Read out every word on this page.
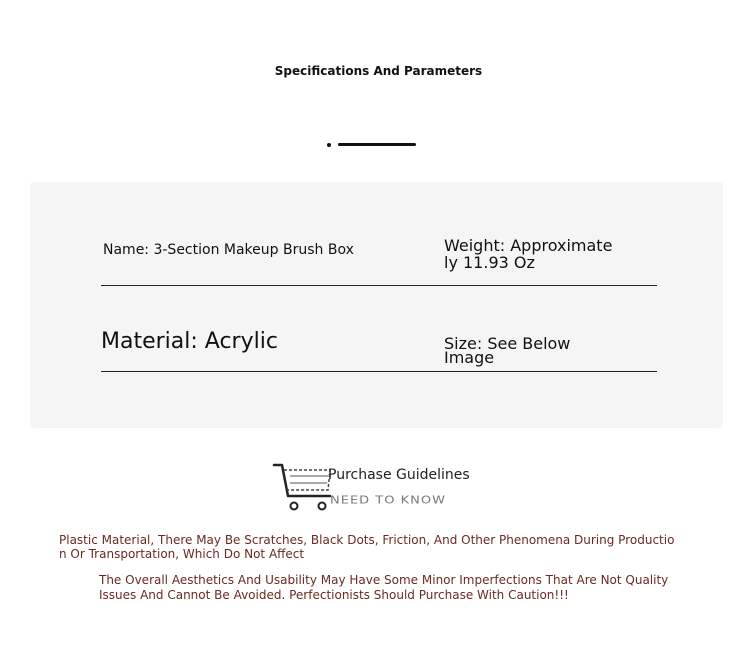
Specifications And Parameters
Name: 3-Section Makeup Brush Box	Weight: Approximately 11.93 Oz
Material: Acrylic	Size: See Below Image
NEED TO KNOW
Purchase Guidelines
Plastic Material, There May Be Scratches, Black Dots, Friction, And Other Phenomena During Production Or Transportation, Which Do Not Affect
The Overall Aesthetics And Usability May Have Some Minor Imperfections That Are Not Quality Issues And Cannot Be Avoided. Perfectionists Should Purchase With Caution!!!
